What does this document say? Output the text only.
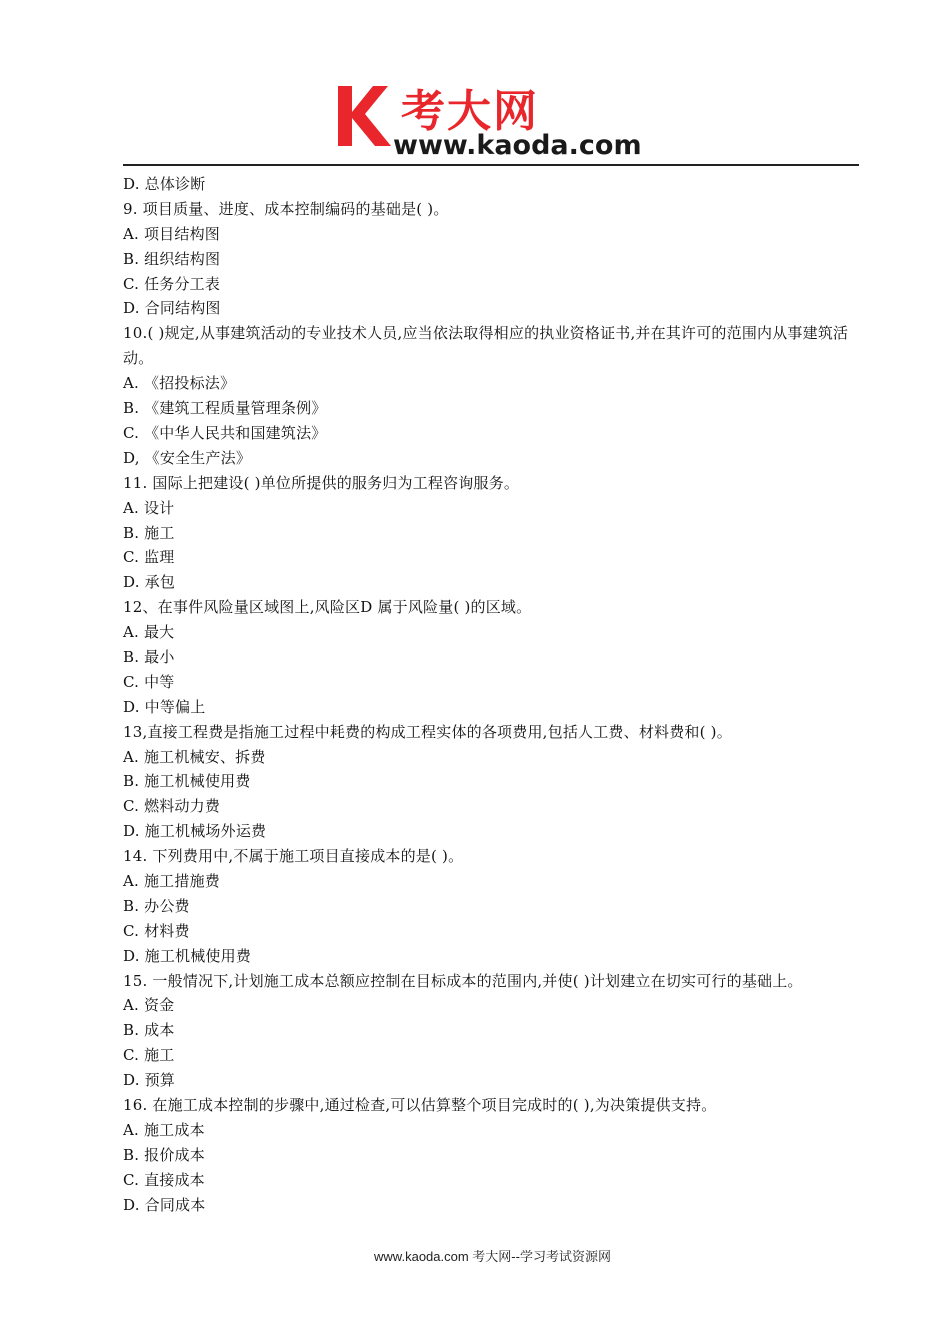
考大网
www.kaoda.com
D. 总体诊断
9. 项目质量、进度、成本控制编码的基础是( )。
A. 项目结构图
B. 组织结构图
C. 任务分工表
D. 合同结构图
10.( )规定,从事建筑活动的专业技术人员,应当依法取得相应的执业资格证书,并在其许可的范围内从事建筑活动。
A. 《招投标法》
B. 《建筑工程质量管理条例》
C. 《中华人民共和国建筑法》
D, 《安全生产法》
11. 国际上把建设( )单位所提供的服务归为工程咨询服务。
A. 设计
B. 施工
C. 监理
D. 承包
12、在事件风险量区域图上,风险区D 属于风险量( )的区域。
A. 最大
B. 最小
C. 中等
D. 中等偏上
13,直接工程费是指施工过程中耗费的构成工程实体的各项费用,包括人工费、材料费和( )。
A. 施工机械安、拆费
B. 施工机械使用费
C. 燃料动力费
D. 施工机械场外运费
14. 下列费用中,不属于施工项目直接成本的是( )。
A. 施工措施费
B. 办公费
C. 材料费
D. 施工机械使用费
15. 一般情况下,计划施工成本总额应控制在目标成本的范围内,并使( )计划建立在切实可行的基础上。
A. 资金
B. 成本
C. 施工
D. 预算
16. 在施工成本控制的步骤中,通过检查,可以估算整个项目完成时的( ),为决策提供支持。
A. 施工成本
B. 报价成本
C. 直接成本
D. 合同成本
www.kaoda.com 考大网--学习考试资源网
